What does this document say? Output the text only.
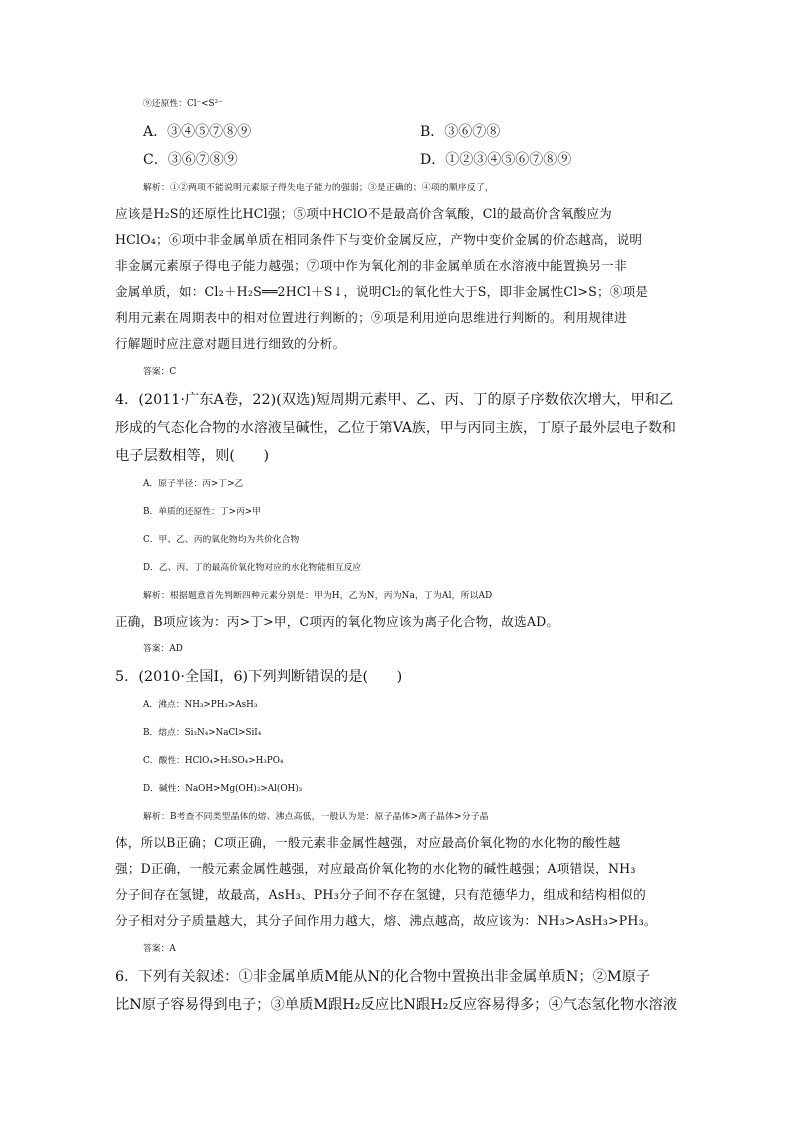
⑨还原性：Cl⁻<S²⁻
A．③④⑤⑦⑧⑨	B．③⑥⑦⑧
C．③⑥⑦⑧⑨	D．①②③④⑤⑥⑦⑧⑨
解析：①②两项不能说明元素原子得失电子能力的强弱；③是正确的；④项的顺序反了，
应该是H₂S的还原性比HCl强；⑤项中HClO不是最高价含氧酸，Cl的最高价含氧酸应为
HClO₄；⑥项中非金属单质在相同条件下与变价金属反应，产物中变价金属的价态越高，说明
非金属元素原子得电子能力越强；⑦项中作为氧化剂的非金属单质在水溶液中能置换另一非
金属单质，如：Cl₂＋H₂S══2HCl＋S↓，说明Cl₂的氧化性大于S，即非金属性Cl>S；⑧项是
利用元素在周期表中的相对位置进行判断的；⑨项是利用逆向思维进行判断的。利用规律进
行解题时应注意对题目进行细致的分析。
答案：C
4．(2011·广东A卷，22)(双选)短周期元素甲、乙、丙、丁的原子序数依次增大，甲和乙
形成的气态化合物的水溶液呈碱性，乙位于第VA族，甲与丙同主族，丁原子最外层电子数和
电子层数相等，则(　　)
A．原子半径：丙>丁>乙
B．单质的还原性：丁>丙>甲
C．甲、乙、丙的氧化物均为共价化合物
D．乙、丙、丁的最高价氧化物对应的水化物能相互反应
解析：根据题意首先判断四种元素分别是：甲为H，乙为N，丙为Na，丁为Al，所以AD
正确，B项应该为：丙>丁>甲，C项丙的氧化物应该为离子化合物，故选AD。
答案：AD
5．(2010·全国Ⅰ，6)下列判断错误的是(　　)
A．沸点：NH₃>PH₃>AsH₃
B．熔点：Si₃N₄>NaCl>SiI₄
C．酸性：HClO₄>H₂SO₄>H₃PO₄
D．碱性：NaOH>Mg(OH)₂>Al(OH)₃
解析：B考查不同类型晶体的熔、沸点高低，一般认为是：原子晶体>离子晶体>分子晶
体，所以B正确；C项正确，一般元素非金属性越强，对应最高价氧化物的水化物的酸性越
强；D正确，一般元素金属性越强，对应最高价氧化物的水化物的碱性越强；A项错误，NH₃
分子间存在氢键，故最高，AsH₃、PH₃分子间不存在氢键，只有范德华力，组成和结构相似的
分子相对分子质量越大，其分子间作用力越大，熔、沸点越高，故应该为：NH₃>AsH₃>PH₃。
答案：A
6．下列有关叙述：①非金属单质M能从N的化合物中置换出非金属单质N；②M原子
比N原子容易得到电子；③单质M跟H₂反应比N跟H₂反应容易得多；④气态氢化物水溶液
